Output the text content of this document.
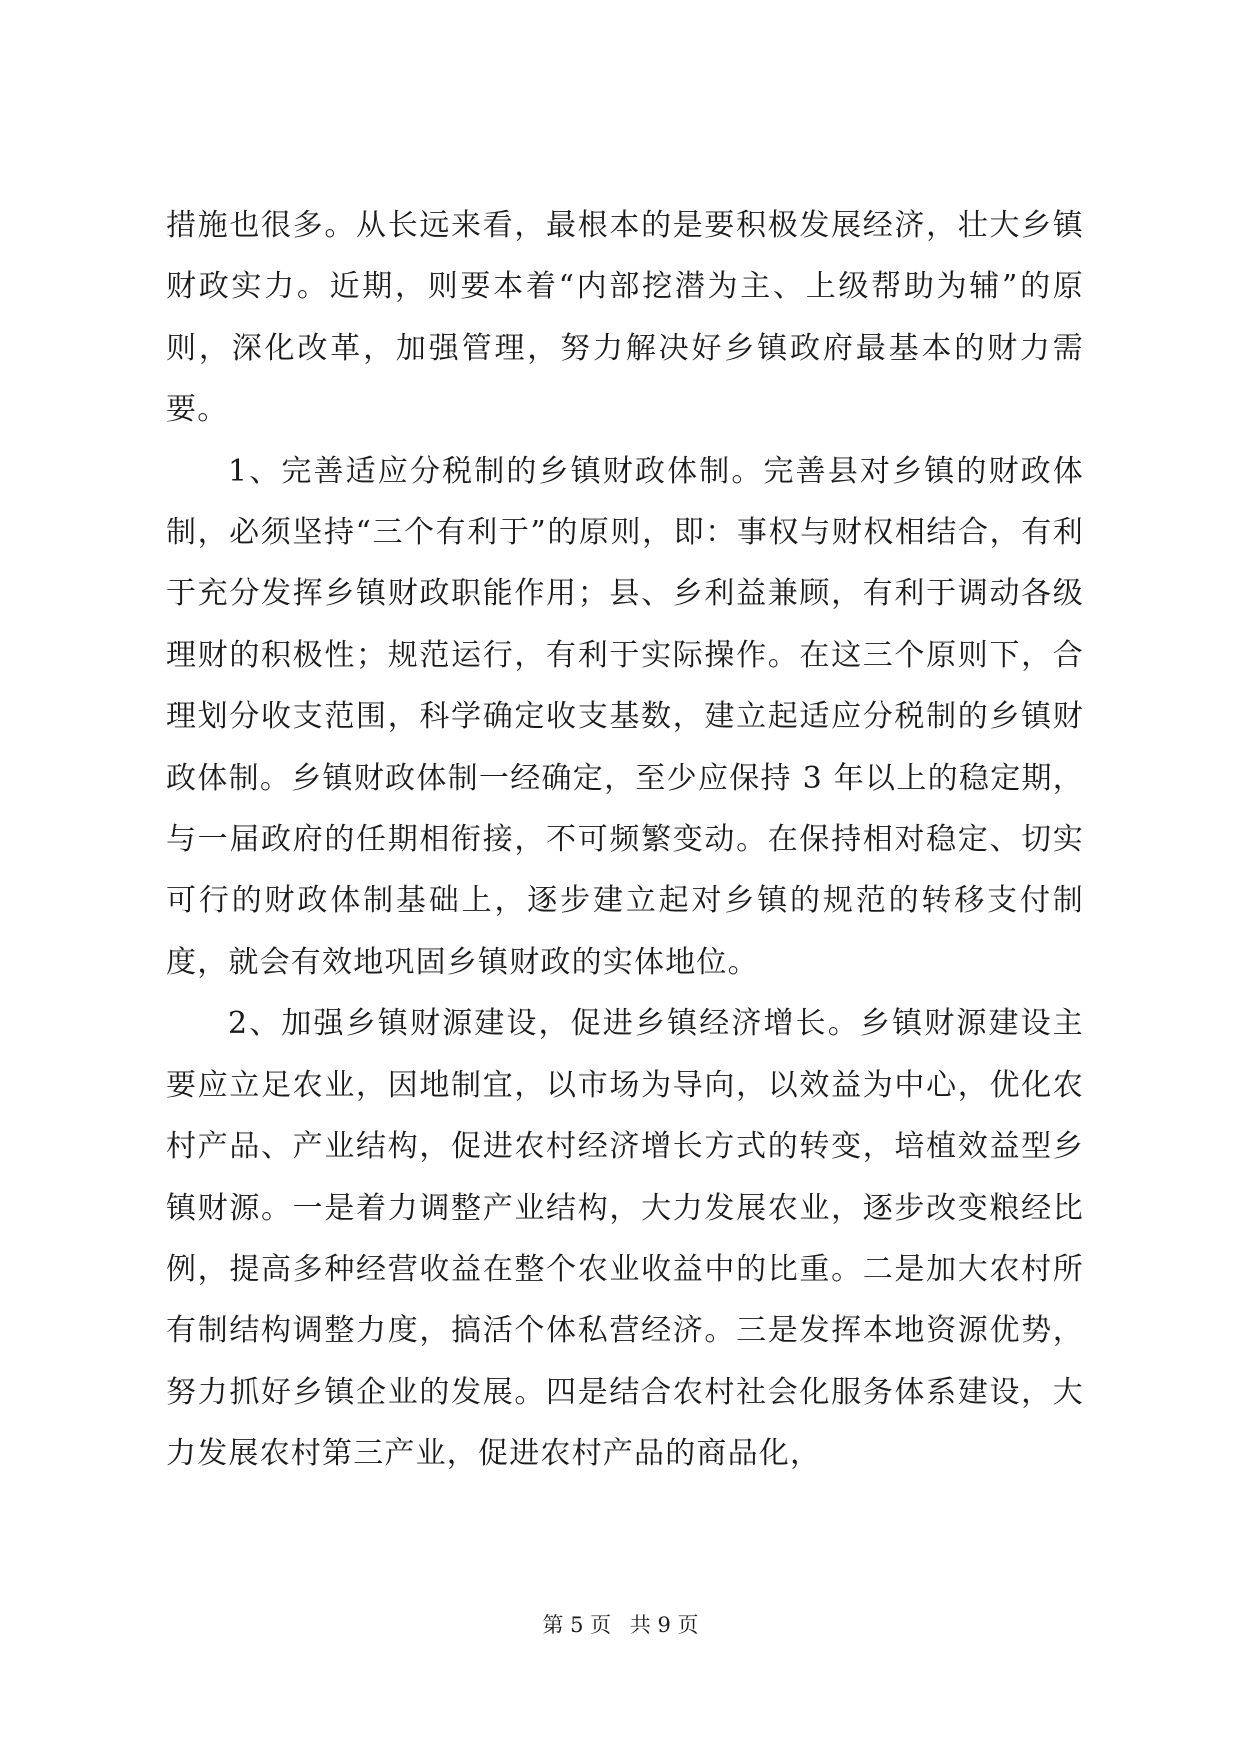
措施也很多。从长远来看，最根本的是要积极发展经济，壮大乡镇财政实力。近期，则要本着“内部挖潜为主、上级帮助为辅”的原则，深化改革，加强管理，努力解决好乡镇政府最基本的财力需要。

1、完善适应分税制的乡镇财政体制。完善县对乡镇的财政体制，必须坚持“三个有利于”的原则，即：事权与财权相结合，有利于充分发挥乡镇财政职能作用；县、乡利益兼顾，有利于调动各级理财的积极性；规范运行，有利于实际操作。在这三个原则下，合理划分收支范围，科学确定收支基数，建立起适应分税制的乡镇财政体制。乡镇财政体制一经确定，至少应保持 3 年以上的稳定期，与一届政府的任期相衔接，不可频繁变动。在保持相对稳定、切实可行的财政体制基础上，逐步建立起对乡镇的规范的转移支付制度，就会有效地巩固乡镇财政的实体地位。

2、加强乡镇财源建设，促进乡镇经济增长。乡镇财源建设主要应立足农业，因地制宜，以市场为导向，以效益为中心，优化农村产品、产业结构，促进农村经济增长方式的转变，培植效益型乡镇财源。一是着力调整产业结构，大力发展农业，逐步改变粮经比例，提高多种经营收益在整个农业收益中的比重。二是加大农村所有制结构调整力度，搞活个体私营经济。三是发挥本地资源优势，努力抓好乡镇企业的发展。四是结合农村社会化服务体系建设，大力发展农村第三产业，促进农村产品的商品化，

第 5 页 共 9 页
